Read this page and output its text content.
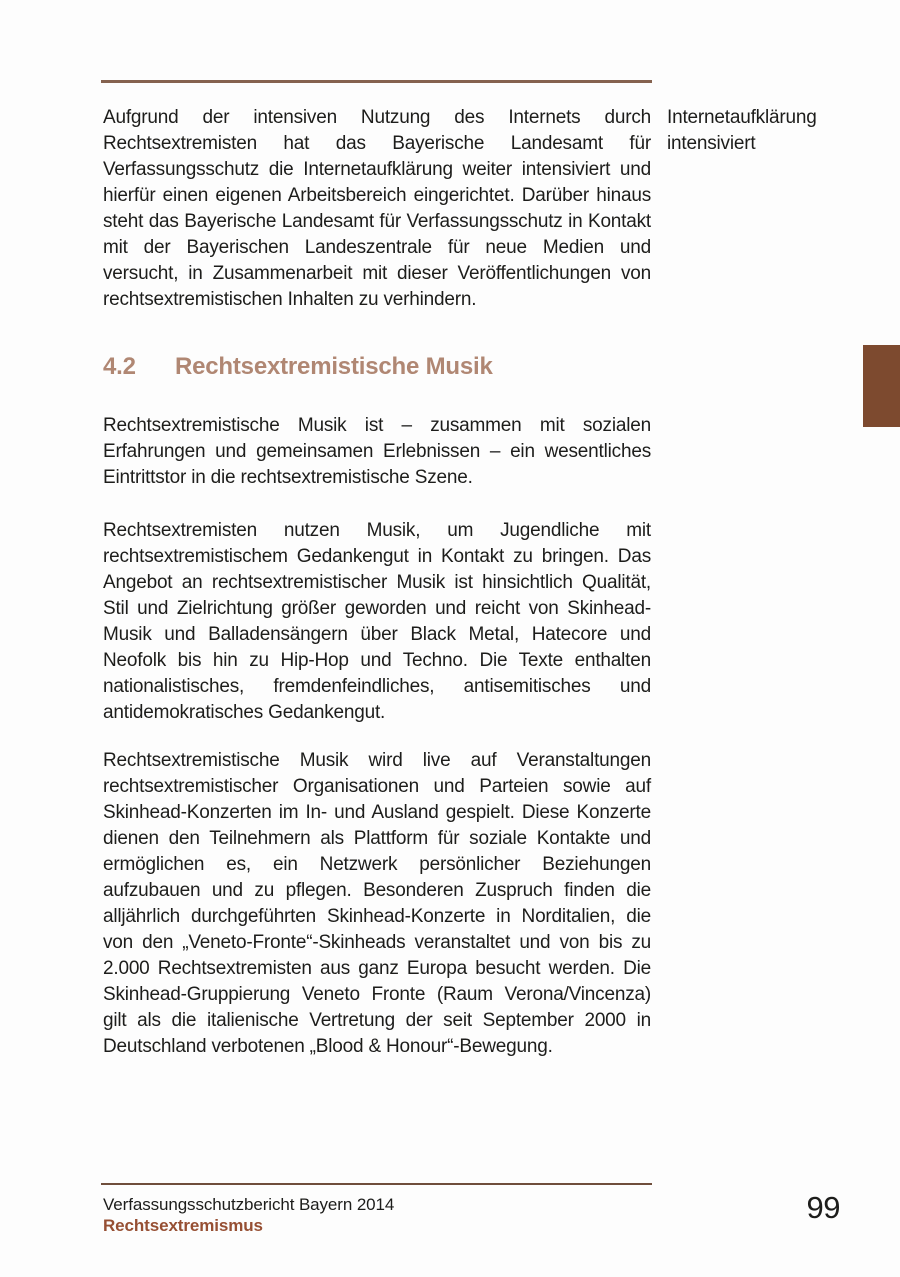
Aufgrund der intensiven Nutzung des Internets durch Rechtsextremisten hat das Bayerische Landesamt für Verfassungsschutz die Internetaufklärung weiter intensiviert und hierfür einen eigenen Arbeitsbereich eingerichtet. Darüber hinaus steht das Bayerische Landesamt für Verfassungsschutz in Kontakt mit der Bayerischen Landeszentrale für neue Medien und versucht, in Zusammenarbeit mit dieser Veröffentlichungen von rechtsextremistischen Inhalten zu verhindern.

Internetaufklärung intensiviert
4.2 Rechtsextremistische Musik

Rechtsextremistische Musik ist – zusammen mit sozialen Erfahrungen und gemeinsamen Erlebnissen – ein wesentliches Eintrittstor in die rechtsextremistische Szene.

Rechtsextremisten nutzen Musik, um Jugendliche mit rechtsextremistischem Gedankengut in Kontakt zu bringen. Das Angebot an rechtsextremistischer Musik ist hinsichtlich Qualität, Stil und Zielrichtung größer geworden und reicht von Skinhead-Musik und Balladensängern über Black Metal, Hatecore und Neofolk bis hin zu Hip-Hop und Techno. Die Texte enthalten nationalistisches, fremdenfeindliches, antisemitisches und antidemokratisches Gedankengut.

Rechtsextremistische Musik wird live auf Veranstaltungen rechtsextremistischer Organisationen und Parteien sowie auf Skinhead-Konzerten im In- und Ausland gespielt. Diese Konzerte dienen den Teilnehmern als Plattform für soziale Kontakte und ermöglichen es, ein Netzwerk persönlicher Beziehungen aufzubauen und zu pflegen. Besonderen Zuspruch finden die alljährlich durchgeführten Skinhead-Konzerte in Norditalien, die von den „Veneto-Fronte“-Skinheads veranstaltet und von bis zu 2.000 Rechtsextremisten aus ganz Europa besucht werden. Die Skinhead-Gruppierung Veneto Fronte (Raum Verona/Vincenza) gilt als die italienische Vertretung der seit September 2000 in Deutschland verbotenen „Blood & Honour“-Bewegung.

Verfassungsschutzbericht Bayern 2014
Rechtsextremismus
99
